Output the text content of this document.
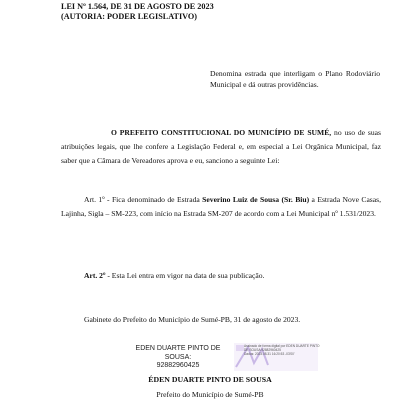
LEI Nº 1.564, DE 31 DE AGOSTO DE 2023
(AUTORIA: PODER LEGISLATIVO)
Denomina estrada que interligam o Plano Rodoviário Municipal e dá outras providências.
O PREFEITO CONSTITUCIONAL DO MUNICÍPIO DE SUMÉ, no uso de suas atribuições legais, que lhe confere a Legislação Federal e, em especial a Lei Orgânica Municipal, faz saber que a Câmara de Vereadores aprova e eu, sanciono a seguinte Lei:
Art. 1º - Fica denominado de Estrada Severino Luiz de Sousa (Sr. Biu) a Estrada Nove Casas, Lajinha, Sigla – SM-223, com início na Estrada SM-207 de acordo com a Lei Municipal nº 1.531/2023.
Art. 2º - Esta Lei entra em vigor na data de sua publicação.
Gabinete do Prefeito do Município de Sumé-PB, 31 de agosto de 2023.
EDEN DUARTE PINTO DE SOUSA:
92882960425
Assinado de forma digital por EDEN DUARTE PINTO
DE SOUSA:92882960425
Dados: 2023.08.31 16:20:53 -03'00'
ÉDEN DUARTE PINTO DE SOUSA
Prefeito do Município de Sumé-PB
